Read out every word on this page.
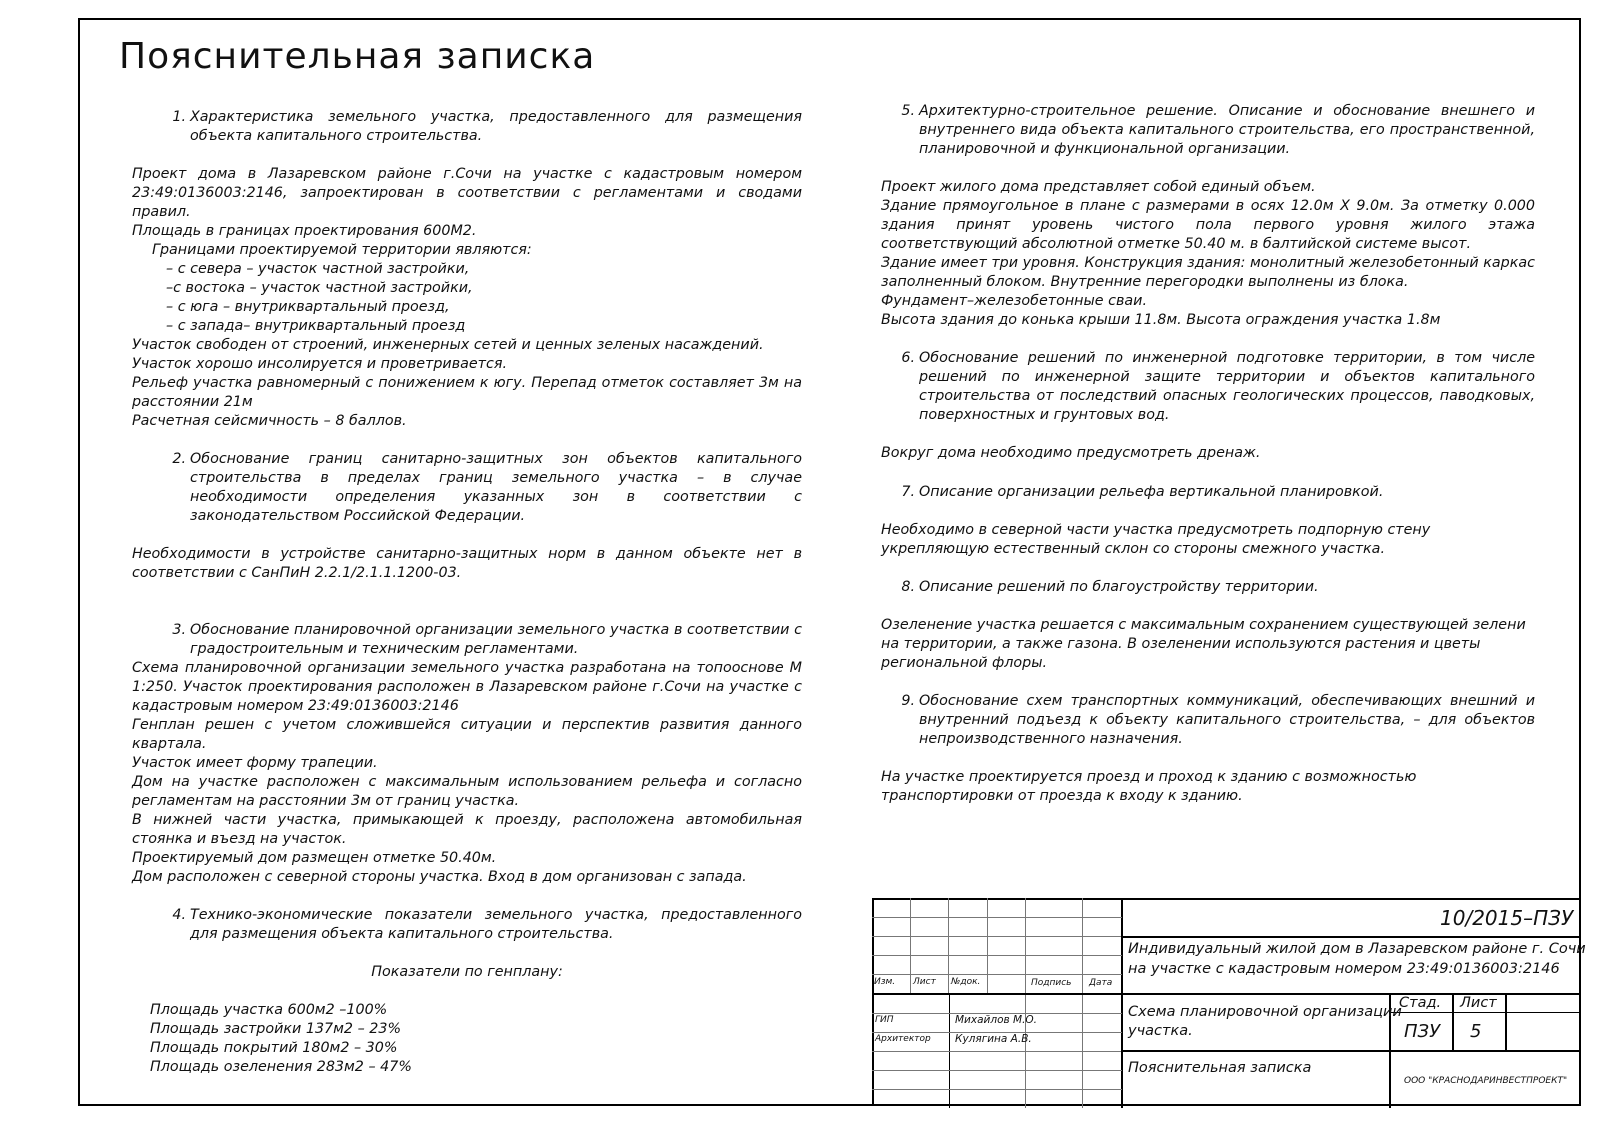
Пояснительная записка
1. Характеристика земельного участка, предоставленного для размещения объекта капитального строительства.

Проект дома в Лазаревском районе г.Сочи на участке с кадастровым номером 23:49:0136003:2146, запроектирован в соответствии с регламентами и сводами правил.

Площадь в границах проектирования 600М2.

Границами проектируемой территории являются:

– с севера – участок частной застройки,

–с востока – участок частной застройки,

– с юга – внутриквартальный проезд,

– с запада– внутриквартальный проезд

Участок свободен от строений, инженерных сетей и ценных зеленых насаждений.

Участок хорошо инсолируется и проветривается.

Рельеф участка равномерный с понижением к югу. Перепад отметок составляет 3м на расстоянии 21м

Расчетная сейсмичность – 8 баллов.

2. Обоснование границ санитарно-защитных зон объектов капитального строительства в пределах границ земельного участка – в случае необходимости определения указанных зон в соответствии с законодательством Российской Федерации.

Необходимости в устройстве санитарно-защитных норм в данном объекте нет в соответствии с СанПиН 2.2.1/2.1.1.1200-03.

3. Обоснование планировочной организации земельного участка в соответствии с градостроительным и техническим регламентами.

Схема планировочной организации земельного участка разработана на топооснове М 1:250. Участок проектирования расположен в Лазаревском районе г.Сочи на участке с кадастровым номером 23:49:0136003:2146

Генплан решен с учетом сложившейся ситуации и перспектив развития данного квартала.

Участок имеет форму трапеции.

Дом на участке расположен с максимальным использованием рельефа и согласно регламентам на расстоянии 3м от границ участка.

В нижней части участка, примыкающей к проезду, расположена автомобильная стоянка и въезд на участок.

Проектируемый дом размещен отметке 50.40м.

Дом расположен с северной стороны участка. Вход в дом организован с запада.

4. Технико-экономические показатели земельного участка, предоставленного для размещения объекта капитального строительства.

Показатели по генплану:

Площадь участка 600м2 –100%

Площадь застройки 137м2 – 23%

Площадь покрытий 180м2 – 30%

Площадь озеленения 283м2 – 47%

5. Архитектурно-строительное решение. Описание и обоснование внешнего и внутреннего вида объекта капитального строительства, его пространственной, планировочной и функциональной организации.

Проект жилого дома представляет собой единый объем.

Здание прямоугольное в плане с размерами в осях 12.0м Х 9.0м. За отметку 0.000 здания принят уровень чистого пола первого уровня жилого этажа соответствующий абсолютной отметке 50.40 м. в балтийской системе высот.

Здание имеет три уровня. Конструкция здания: монолитный железобетонный каркас заполненный блоком. Внутренние перегородки выполнены из блока.

Фундамент–железобетонные сваи.

Высота здания до конька крыши 11.8м. Высота ограждения участка 1.8м

6. Обоснование решений по инженерной подготовке территории, в том числе решений по инженерной защите территории и объектов капитального строительства от последствий опасных геологических процессов, паводковых, поверхностных и грунтовых вод.

Вокруг дома необходимо предусмотреть дренаж.

7. Описание организации рельефа вертикальной планировкой.

Необходимо в северной части участка предусмотреть подпорную стену

укрепляющую естественный склон со стороны смежного участка.

8. Описание решений по благоустройству территории.

Озеленение участка решается с максимальным сохранением существующей зелени

на территории, а также газона. В озеленении используются растения и цветы

региональной флоры.

9. Обоснование схем транспортных коммуникаций, обеспечивающих внешний и внутренний подъезд к объекту капитального строительства, – для объектов непроизводственного назначения.

На участке проектируется проезд и проход к зданию с возможностью

транспортировки от проезда к входу к зданию.

10/2015–ПЗУ
Индивидуальный жилой дом в Лазаревском районе г. Сочи
на участке с кадастровым номером 23:49:0136003:2146
Изм. Лист №док.	Подпись Дата
ГИП	Михайлов М.О.
Архитектор Кулягина А.В.
Схема планировочной организации
участка.
Стад. Лист
ПЗУ 5
Пояснительная записка
ООО "КРАСНОДАРИНВЕСТПРОЕКТ"
